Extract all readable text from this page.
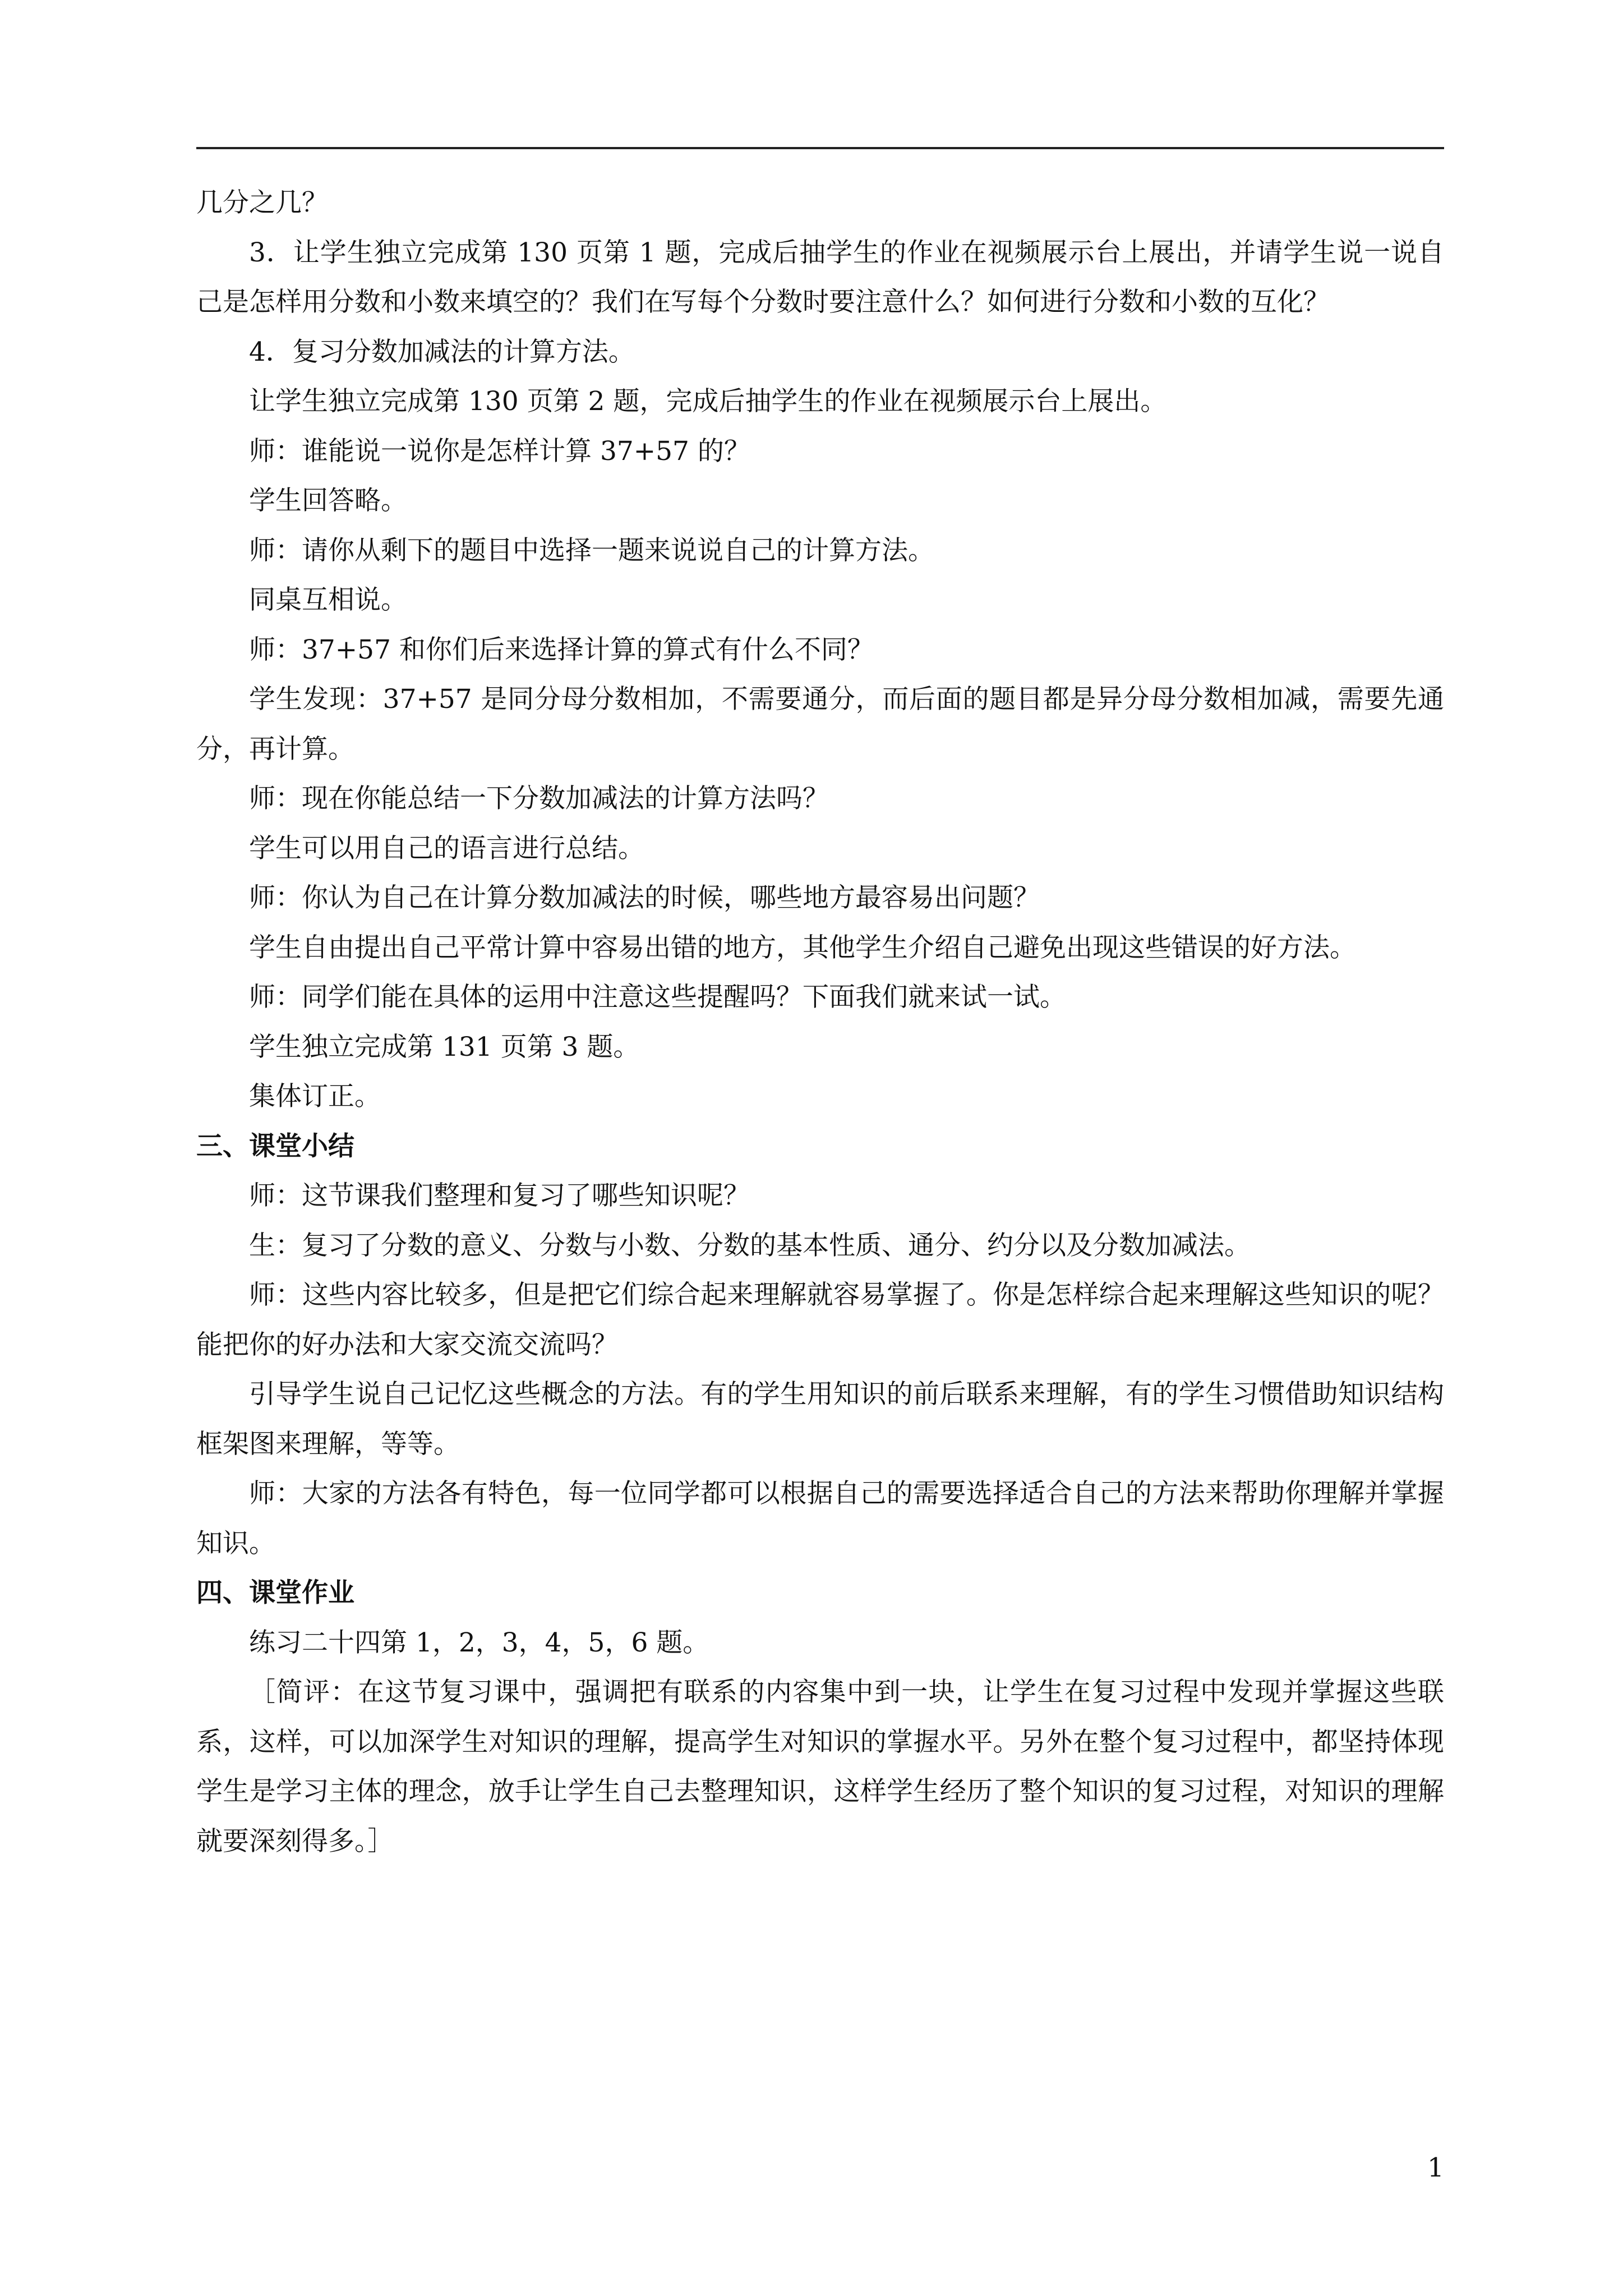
几分之几？

3．让学生独立完成第 130 页第 1 题，完成后抽学生的作业在视频展示台上展出，并请学生说一说自己是怎样用分数和小数来填空的？我们在写每个分数时要注意什么？如何进行分数和小数的互化？

4．复习分数加减法的计算方法。

让学生独立完成第 130 页第 2 题，完成后抽学生的作业在视频展示台上展出。

师：谁能说一说你是怎样计算 37+57 的？

学生回答略。

师：请你从剩下的题目中选择一题来说说自己的计算方法。

同桌互相说。

师：37+57 和你们后来选择计算的算式有什么不同？

学生发现：37+57 是同分母分数相加，不需要通分，而后面的题目都是异分母分数相加减，需要先通分，再计算。

师：现在你能总结一下分数加减法的计算方法吗？

学生可以用自己的语言进行总结。

师：你认为自己在计算分数加减法的时候，哪些地方最容易出问题？

学生自由提出自己平常计算中容易出错的地方，其他学生介绍自己避免出现这些错误的好方法。

师：同学们能在具体的运用中注意这些提醒吗？下面我们就来试一试。

学生独立完成第 131 页第 3 题。

集体订正。

三、课堂小结

师：这节课我们整理和复习了哪些知识呢？

生：复习了分数的意义、分数与小数、分数的基本性质、通分、约分以及分数加减法。

师：这些内容比较多，但是把它们综合起来理解就容易掌握了。你是怎样综合起来理解这些知识的呢？能把你的好办法和大家交流交流吗？

引导学生说自己记忆这些概念的方法。有的学生用知识的前后联系来理解，有的学生习惯借助知识结构框架图来理解，等等。

师：大家的方法各有特色，每一位同学都可以根据自己的需要选择适合自己的方法来帮助你理解并掌握知识。

四、课堂作业

练习二十四第 1，2，3，4，5，6 题。

［简评：在这节复习课中，强调把有联系的内容集中到一块，让学生在复习过程中发现并掌握这些联系，这样，可以加深学生对知识的理解，提高学生对知识的掌握水平。另外在整个复习过程中，都坚持体现学生是学习主体的理念，放手让学生自己去整理知识，这样学生经历了整个知识的复习过程，对知识的理解就要深刻得多。］

1
